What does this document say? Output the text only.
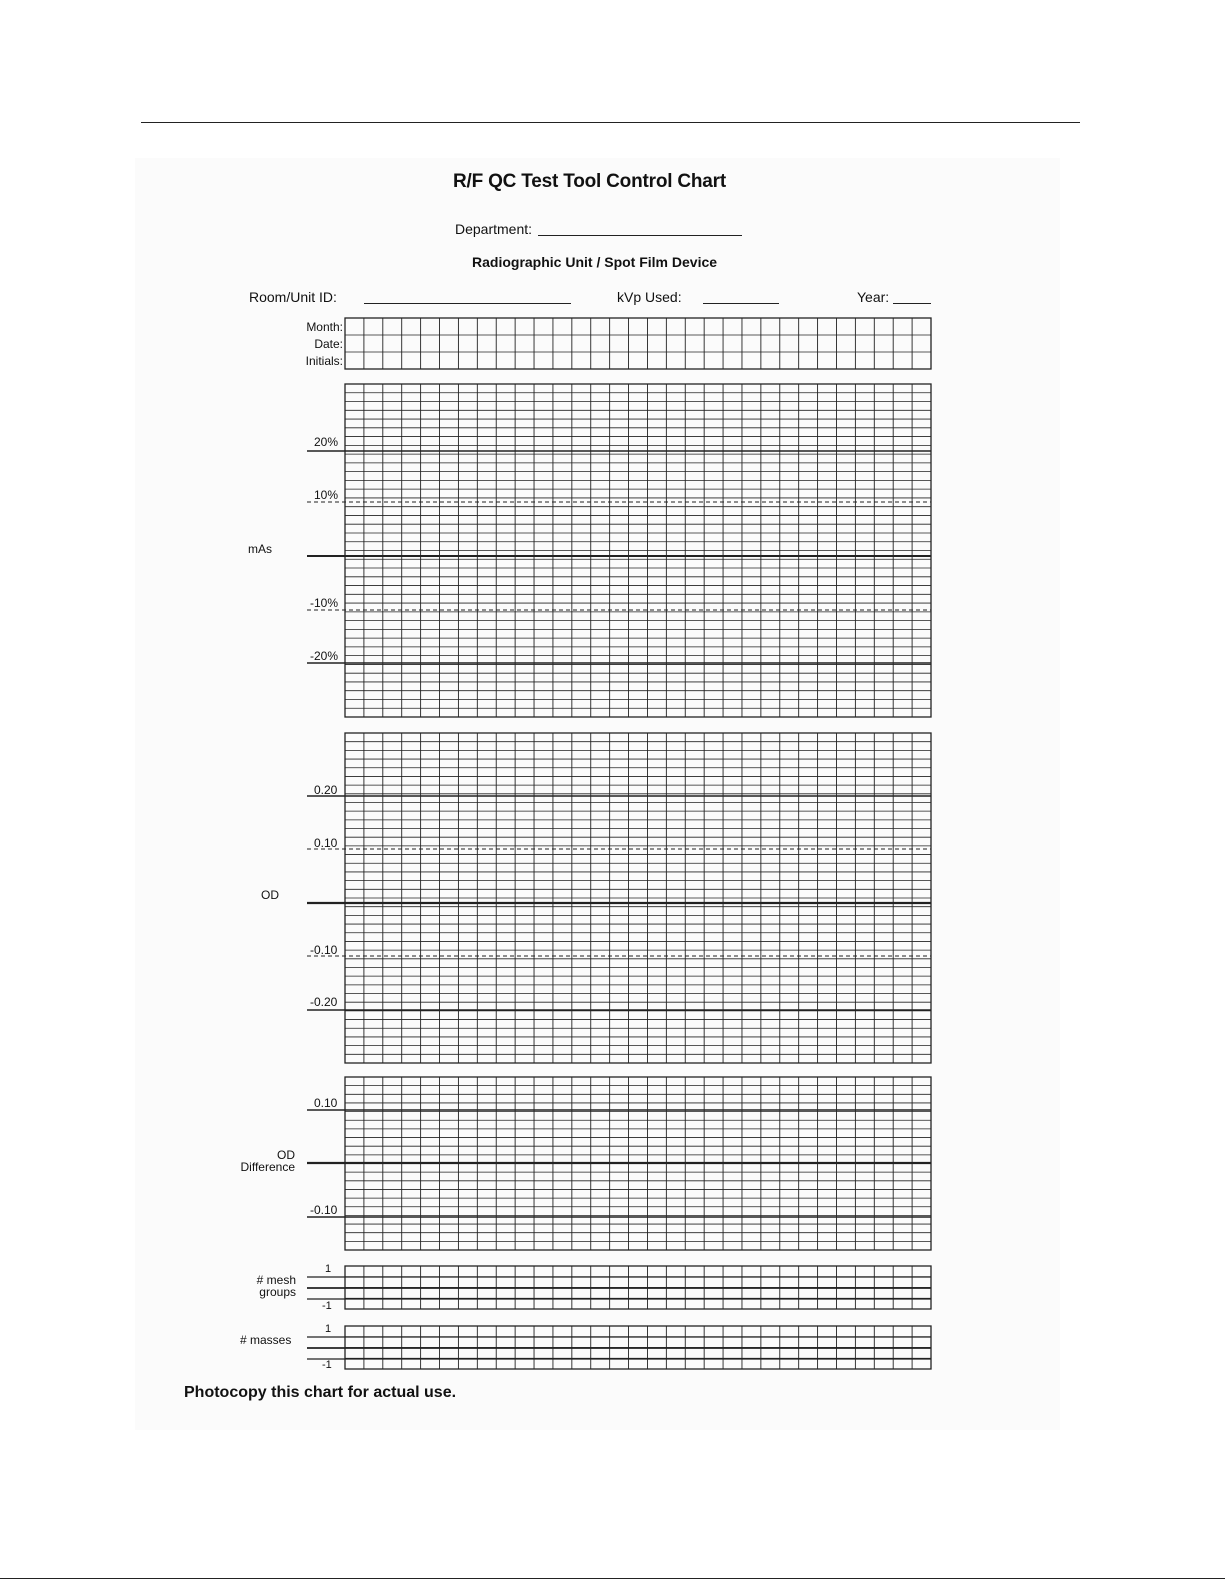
R/F QC Test Tool Control Chart
Department:
Radiographic Unit / Spot Film Device
Room/Unit ID:	kVp Used:	Year:
Month:
Date:
Initials:
mAs
OD
OD
Difference
# mesh
groups
# masses
20%
10%
-10%
-20%
0.20
0.10
-0.10
-0.20
0.10
-0.10
1
-1
1
-1
Photocopy this chart for actual use.
